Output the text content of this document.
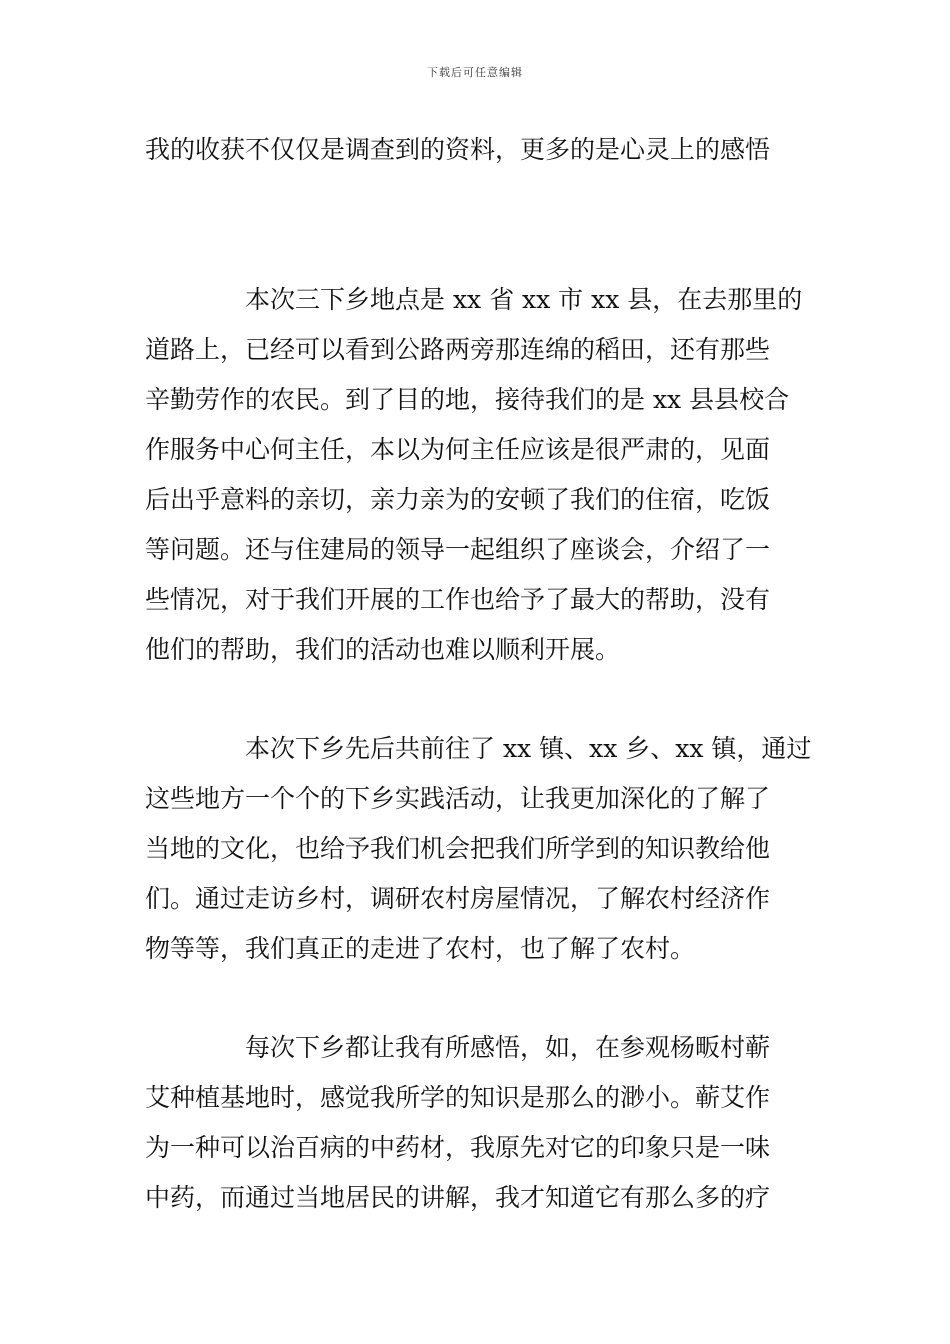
下载后可任意编辑
我的收获不仅仅是调查到的资料，更多的是心灵上的感悟
本次三下乡地点是 xx 省 xx 市 xx 县，在去那里的
道路上，已经可以看到公路两旁那连绵的稻田，还有那些
辛勤劳作的农民。到了目的地，接待我们的是 xx 县县校合
作服务中心何主任，本以为何主任应该是很严肃的，见面
后出乎意料的亲切，亲力亲为的安顿了我们的住宿，吃饭
等问题。还与住建局的领导一起组织了座谈会，介绍了一
些情况，对于我们开展的工作也给予了最大的帮助，没有
他们的帮助，我们的活动也难以顺利开展。
本次下乡先后共前往了 xx 镇、xx 乡、xx 镇，通过
这些地方一个个的下乡实践活动，让我更加深化的了解了
当地的文化，也给予我们机会把我们所学到的知识教给他
们。通过走访乡村，调研农村房屋情况，了解农村经济作
物等等，我们真正的走进了农村，也了解了农村。
每次下乡都让我有所感悟，如，在参观杨畈村蕲
艾种植基地时，感觉我所学的知识是那么的渺小。蕲艾作
为一种可以治百病的中药材，我原先对它的印象只是一味
中药，而通过当地居民的讲解，我才知道它有那么多的疗
